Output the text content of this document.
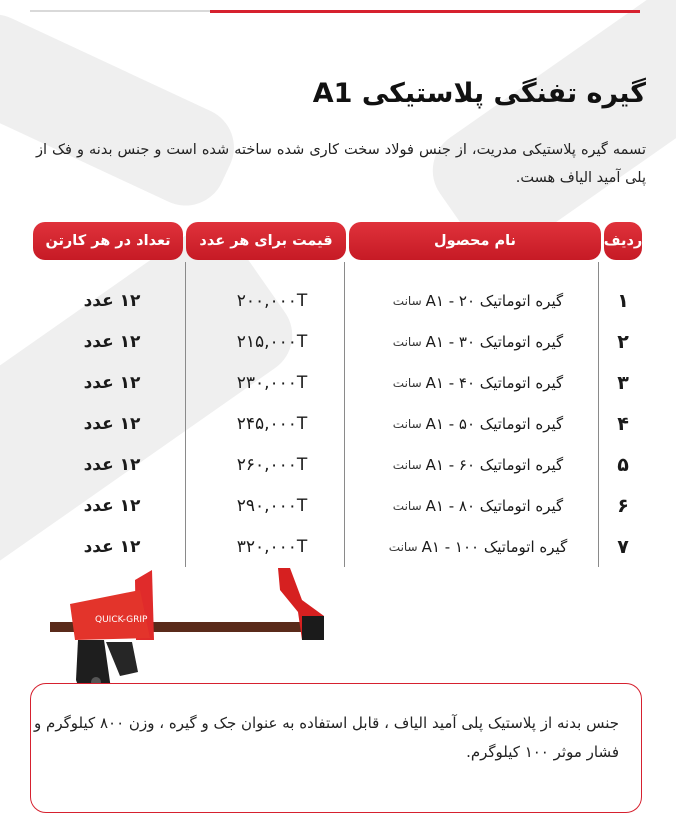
گیره تفنگی پلاستیکی A1
تسمه گیره پلاستیکی مدریت، از جنس فولاد سخت کاری شده ساخته شده است و جنس بدنه و فک از پلی آمید الیاف هست.
ردیف
نام محصول
قیمت برای هر عدد
تعداد در هر کارتن
۱
گیره اتوماتیک A۱ - ۲۰
سانت
۲۰۰,۰۰۰T
۱۲ عدد
۲
گیره اتوماتیک A۱ - ۳۰
سانت
۲۱۵,۰۰۰T
۱۲ عدد
۳
گیره اتوماتیک A۱ - ۴۰
سانت
۲۳۰,۰۰۰T
۱۲ عدد
۴
گیره اتوماتیک A۱ - ۵۰
سانت
۲۴۵,۰۰۰T
۱۲ عدد
۵
گیره اتوماتیک A۱ - ۶۰
سانت
۲۶۰,۰۰۰T
۱۲ عدد
۶
گیره اتوماتیک A۱ - ۸۰
سانت
۲۹۰,۰۰۰T
۱۲ عدد
۷
گیره اتوماتیک A۱ - ۱۰۰
سانت
۳۲۰,۰۰۰T
۱۲ عدد
QUICK-GRIP
جنس بدنه از پلاستیک پلی آمید الیاف ، قابل استفاده به عنوان جک و گیره ، وزن ۸۰۰ کیلوگرم و فشار موثر ۱۰۰ کیلوگرم.
